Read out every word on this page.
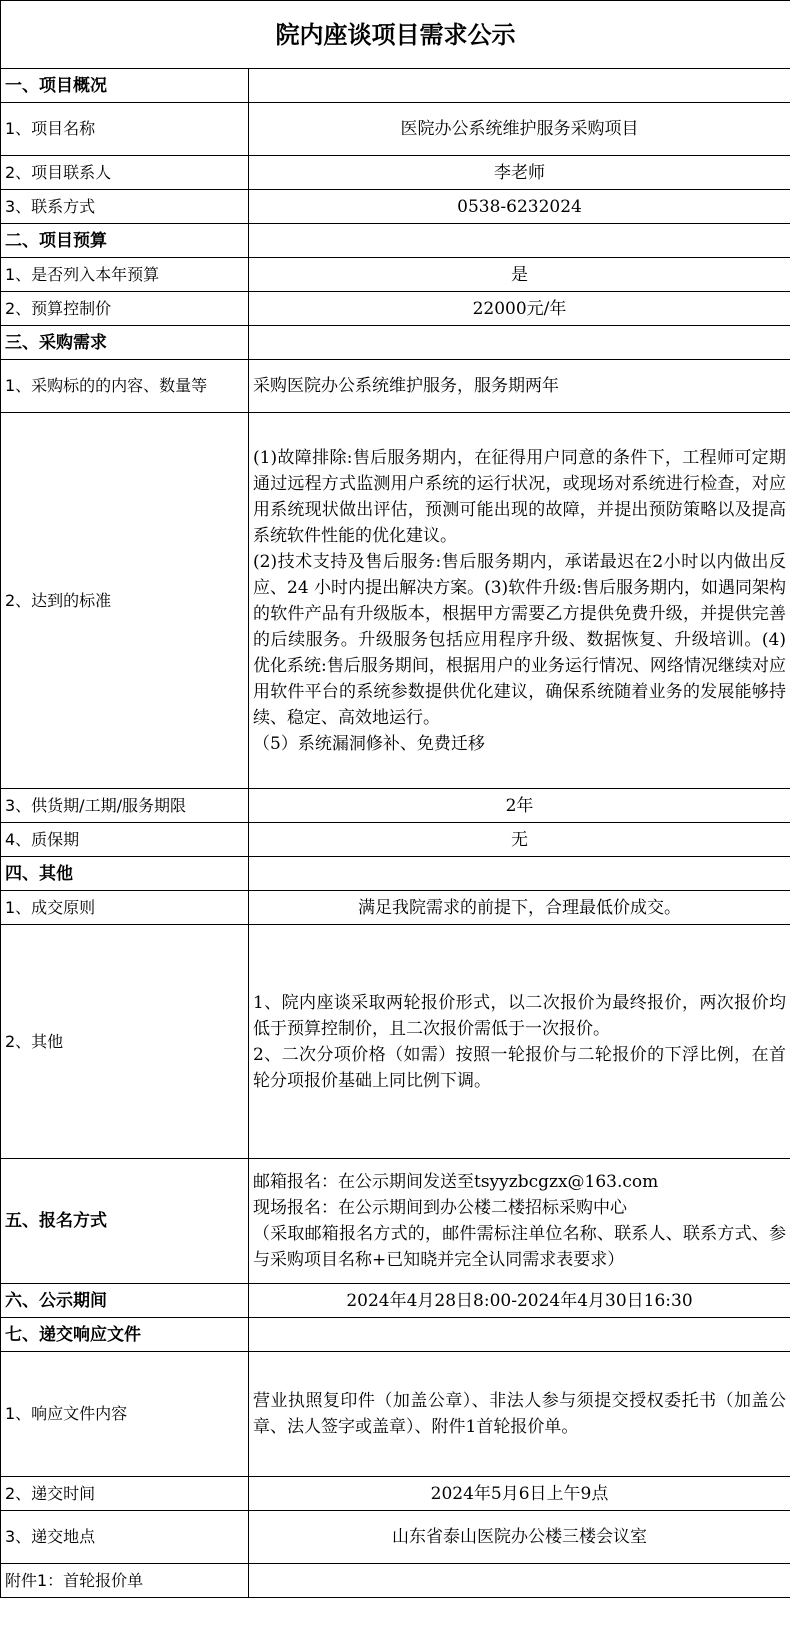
院内座谈项目需求公示	
一、项目概况	
1、项目名称	医院办公系统维护服务采购项目
2、项目联系人	李老师
3、联系方式	0538-6232024
二、项目预算	
1、是否列入本年预算	是
2、预算控制价	22000元/年
三、采购需求	
1、采购标的的内容、数量等	采购医院办公系统维护服务，服务期两年
2、达到的标准	(1)故障排除:售后服务期内，在征得用户同意的条件下，工程师可定期通过远程方式监测用户系统的运行状况，或现场对系统进行检查，对应用系统现状做出评估，预测可能出现的故障，并提出预防策略以及提高系统软件性能的优化建议。

(2)技术支持及售后服务:售后服务期内，承诺最迟在2小时以内做出反应、24 小时内提出解决方案。(3)软件升级:售后服务期内，如遇同架构的软件产品有升级版本，根据甲方需要乙方提供免费升级，并提供完善的后续服务。升级服务包括应用程序升级、数据恢复、升级培训。(4)优化系统:售后服务期间，根据用户的业务运行情况、网络情况继续对应用软件平台的系统参数提供优化建议，确保系统随着业务的发展能够持续、稳定、高效地运行。

（5）系统漏洞修补、免费迁移

3、供货期/工期/服务期限	2年
4、质保期	无
四、其他	
1、成交原则	满足我院需求的前提下，合理最低价成交。
2、其他	1、院内座谈采取两轮报价形式，以二次报价为最终报价，两次报价均低于预算控制价，且二次报价需低于一次报价。

2、二次分项价格（如需）按照一轮报价与二轮报价的下浮比例，在首轮分项报价基础上同比例下调。

五、报名方式	邮箱报名：在公示期间发送至tsyyzbcgzx@163.com

现场报名：在公示期间到办公楼二楼招标采购中心

（采取邮箱报名方式的，邮件需标注单位名称、联系人、联系方式、参与采购项目名称+已知晓并完全认同需求表要求）

六、公示期间	2024年4月28日8:00-2024年4月30日16:30
七、递交响应文件	
1、响应文件内容	营业执照复印件（加盖公章）、非法人参与须提交授权委托书（加盖公章、法人签字或盖章）、附件1首轮报价单。
2、递交时间	2024年5月6日上午9点
3、递交地点	山东省泰山医院办公楼三楼会议室
附件1：首轮报价单	
